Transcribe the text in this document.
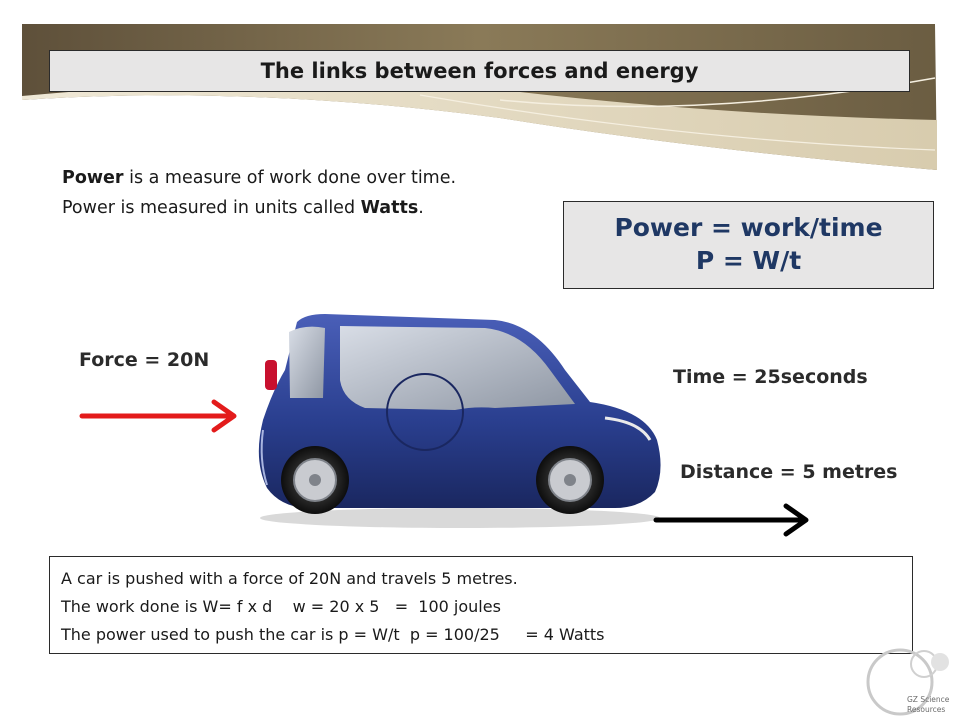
The links between forces and energy
Power is a measure of work done over time.
Power is measured in units called Watts.
Power = work/time
P = W/t
Force = 20N
Time = 25seconds
Distance = 5 metres
A car is pushed with a force of 20N and travels 5 metres.
The work done is W= f x d    w = 20 x 5   =  100 joules
The power used to push the car is p = W/t  p = 100/25     = 4 Watts
GZ Science
Resources
